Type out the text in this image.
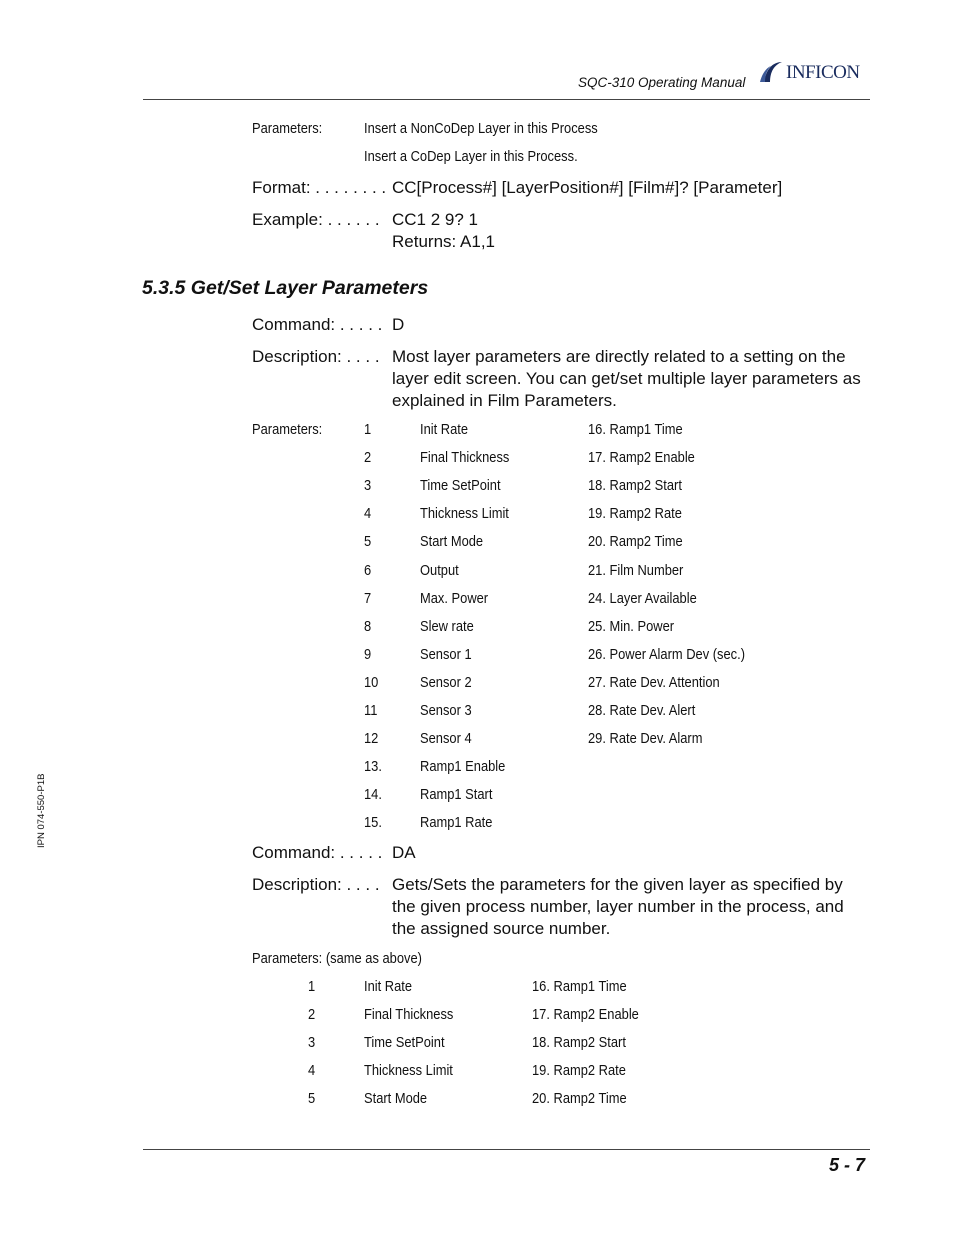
SQC-310 Operating Manual INFICON
Parameters:	Insert a NonCoDep Layer in this Process
Insert a CoDep Layer in this Process.
Format: . . . . . . . . CC[Process#] [LayerPosition#] [Film#]? [Parameter]
Example: . . . . . . CC1 2 9? 1
Returns: A1,1
5.3.5 Get/Set Layer Parameters
Command: . . . . . D
Description: . . . . Most layer parameters are directly related to a setting on the layer edit screen. You can get/set multiple layer parameters as explained in Film Parameters.
Parameters:	1	Init Rate	16. Ramp1 Time
2	Final Thickness	17. Ramp2 Enable
3	Time SetPoint	18. Ramp2 Start
4	Thickness Limit	19. Ramp2 Rate
5	Start Mode	20. Ramp2 Time
6	Output	21. Film Number
7	Max. Power	24. Layer Available
8	Slew rate	25. Min. Power
9	Sensor 1	26. Power Alarm Dev (sec.)
10	Sensor 2	27. Rate Dev. Attention
11	Sensor 3	28. Rate Dev. Alert
12	Sensor 4	29. Rate Dev. Alarm
13.	Ramp1 Enable
14.	Ramp1 Start
15.	Ramp1 Rate
Command: . . . . . DA
Description: . . . . Gets/Sets the parameters for the given layer as specified by the given process number, layer number in the process, and the assigned source number.
Parameters: (same as above)
1	Init Rate	16. Ramp1 Time
2	Final Thickness	17. Ramp2 Enable
3	Time SetPoint	18. Ramp2 Start
4	Thickness Limit	19. Ramp2 Rate
5	Start Mode	20. Ramp2 Time
IPN 074-550-P1B
5 - 7
